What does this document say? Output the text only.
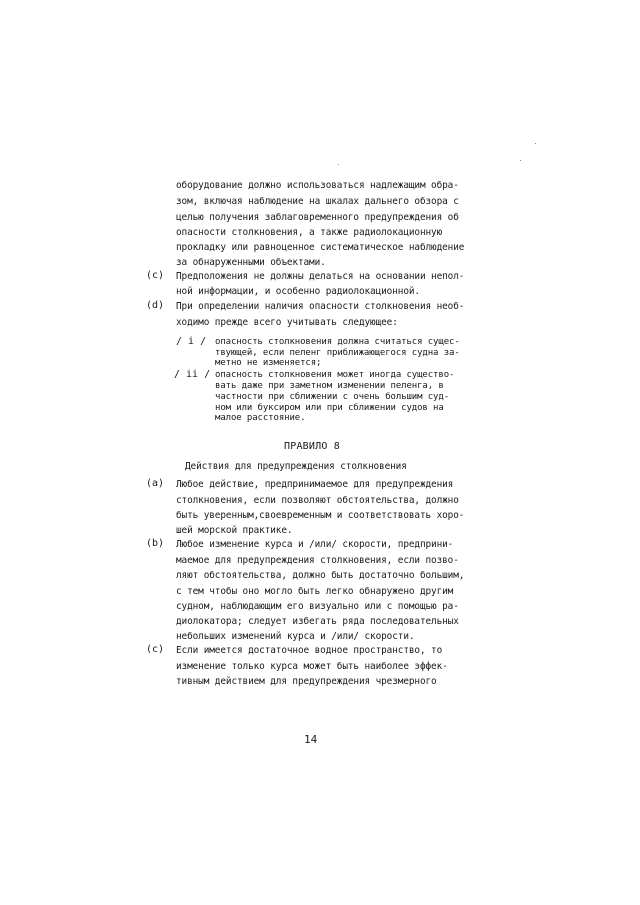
оборудование должно использоваться надлежащим обра-
зом, включая наблюдение на шкалах дальнего обзора с
целью получения заблаговременного предупреждения об
опасности столкновения, а также радиолокационную
прокладку или равноценное систематическое наблюдение
за обнаруженными объектами.
(c) Предположения не должны делаться на основании непол-
ной информации, и особенно радиолокационной.
(d) При определении наличия опасности столкновения необ-
ходимо прежде всего учитывать следующее:
/ i / опасность столкновения должна считаться сущес-
твующей, если пеленг приближающегося судна за-
метно не изменяется;
/ ii / опасность столкновения может иногда существо-
вать даже при заметном изменении пеленга, в
частности при сближении с очень большим суд-
ном или буксиром или при сближении судов на
малое расстояние.
ПРАВИЛО 8
Действия для предупреждения столкновения
(a) Любое действие, предпринимаемое для предупреждения
столкновения, если позволяют обстоятельства, должно
быть уверенным,своевременным и соответствовать хоро-
шей морской практике.
(b) Любое изменение курса и /или/ скорости, предприни-
маемое для предупреждения столкновения, если позво-
ляют обстоятельства, должно быть достаточно большим,
с тем чтобы оно могло быть легко обнаружено другим
судном, наблюдающим его визуально или с помощью ра-
диолокатора; следует избегать ряда последовательных
небольших изменений курса и /или/ скорости.
(c) Если имеется достаточное водное пространство, то
изменение только курса может быть наиболее эффек-
тивным действием для предупреждения чрезмерного
14
